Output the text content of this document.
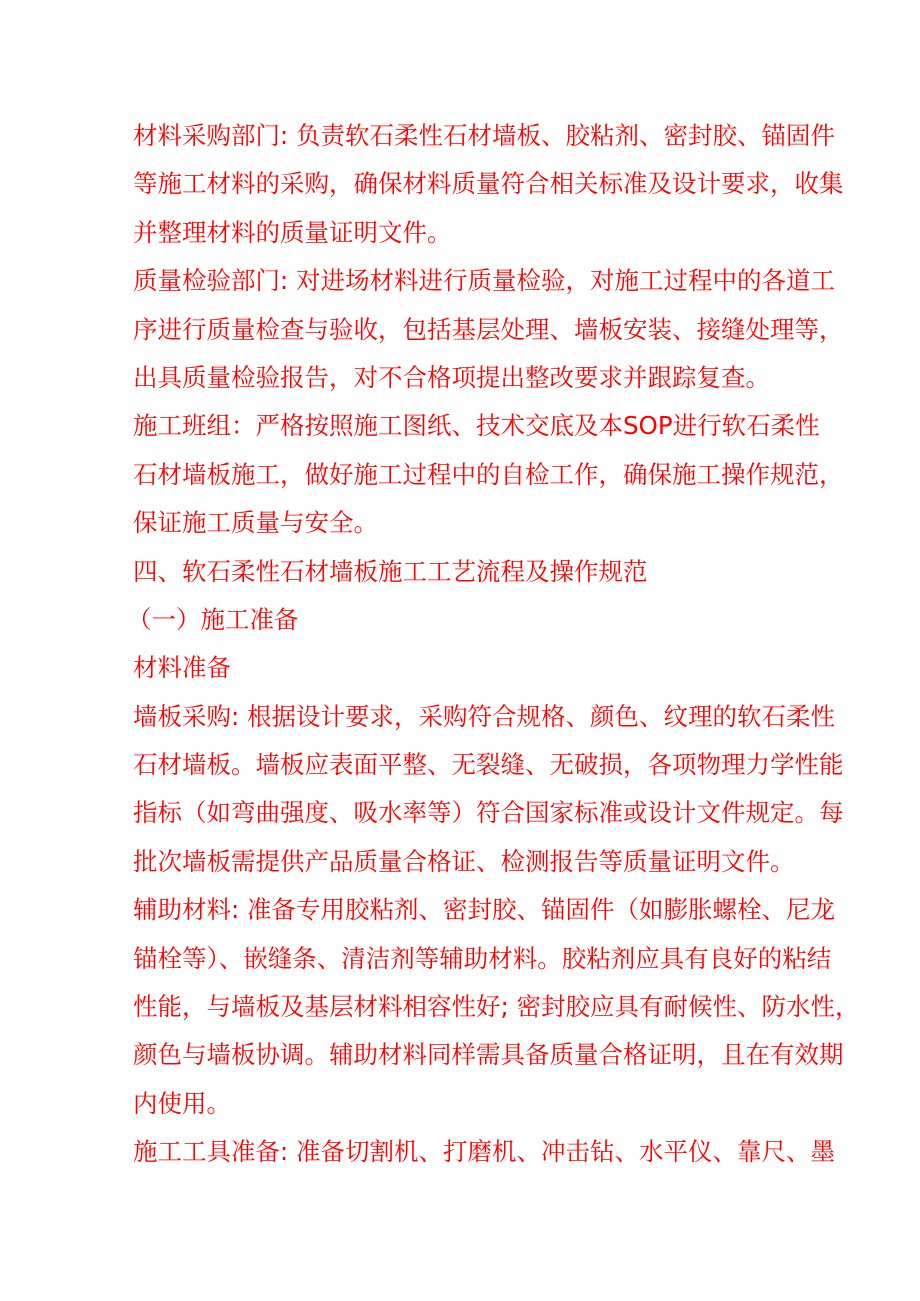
材料采购部门: 负责软石柔性石材墙板、胶粘剂、密封胶、锚固件
等施工材料的采购，确保材料质量符合相关标准及设计要求，收集
并整理材料的质量证明文件。

质量检验部门: 对进场材料进行质量检验，对施工过程中的各道工
序进行质量检查与验收，包括基层处理、墙板安装、接缝处理等，
出具质量检验报告，对不合格项提出整改要求并跟踪复查。

施工班组：严格按照施工图纸、技术交底及本SOP进行软石柔性
石材墙板施工，做好施工过程中的自检工作，确保施工操作规范，
保证施工质量与安全。

四、软石柔性石材墙板施工工艺流程及操作规范

（一）施工准备

材料准备

墙板采购: 根据设计要求，采购符合规格、颜色、纹理的软石柔性
石材墙板。墙板应表面平整、无裂缝、无破损，各项物理力学性能
指标（如弯曲强度、吸水率等）符合国家标准或设计文件规定。每
批次墙板需提供产品质量合格证、检测报告等质量证明文件。

辅助材料: 准备专用胶粘剂、密封胶、锚固件（如膨胀螺栓、尼龙
锚栓等）、嵌缝条、清洁剂等辅助材料。胶粘剂应具有良好的粘结
性能，与墙板及基层材料相容性好; 密封胶应具有耐候性、防水性，
颜色与墙板协调。辅助材料同样需具备质量合格证明，且在有效期
内使用。

施工工具准备: 准备切割机、打磨机、冲击钻、水平仪、靠尺、墨
